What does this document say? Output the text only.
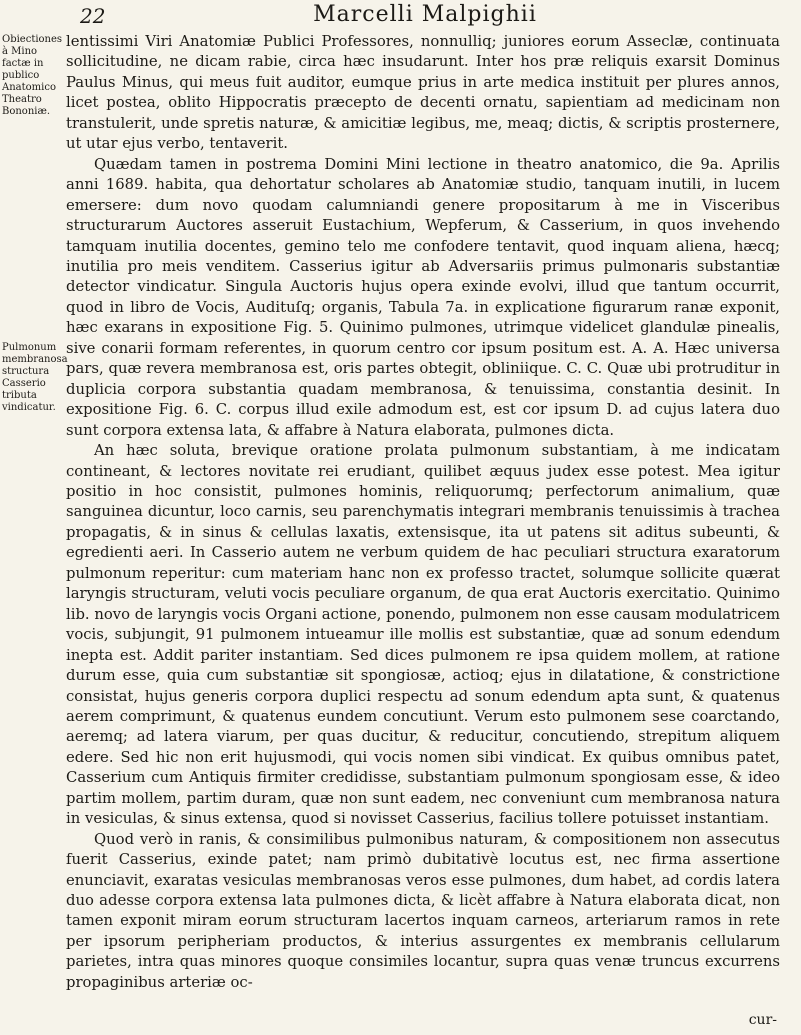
22	Marcelli Malpighii
Obiectiones à Mino factæ in publico Anatomico Theatro Bononiæ.
Pulmonum membranosa structura Casserio tributa vindicatur.

lentissimi Viri Anatomiæ Publici Professores, nonnulliq; juniores eorum Asseclæ, continuata sollicitudine, ne dicam rabie, circa hæc insudarunt. Inter hos præ reliquis exarsit Dominus Paulus Minus, qui meus fuit auditor, eumque prius in arte medica instituit per plures annos, licet postea, oblito Hippocratis præcepto de decenti ornatu, sapientiam ad medicinam non transtulerit, unde spretis naturæ, & amicitiæ legibus, me, meaq; dictis, & scriptis prosternere, ut utar ejus verbo, tentaverit.

Quædam tamen in postrema Domini Mini lectione in theatro anatomico, die 9a. Aprilis anni 1689. habita, qua dehortatur scholares ab Anatomiæ studio, tanquam inutili, in lucem emersere: dum novo quodam calumniandi genere propositarum à me in Visceribus structurarum Auctores asseruit Eustachium, Wepferum, & Casserium, in quos invehendo tamquam inutilia docentes, gemino telo me confodere tentavit, quod inquam aliena, hæcq; inutilia pro meis venditem. Casserius igitur ab Adversariis primus pulmonaris substantiæ detector vindicatur. Singula Auctoris hujus opera exinde evolvi, illud que tantum occurrit, quod in libro de Vocis, Audituſq; organis, Tabula 7a. in explicatione figurarum ranæ exponit, hæc exarans in expositione Fig. 5. Quinimo pulmones, utrimque videlicet glandulæ pinealis, sive conarii formam referentes, in quorum centro cor ipsum positum est. A. A. Hæc universa pars, quæ revera membranosa est, oris partes obtegit, obliniique. C. C. Quæ ubi protruditur in duplicia corpora substantia quadam membranosa, & tenuissima, constantia desinit. In expositione Fig. 6. C. corpus illud exile admodum est, est cor ipsum D. ad cujus latera duo sunt corpora extensa lata, & affabre à Natura elaborata, pulmones dicta.

An hæc soluta, brevique oratione prolata pulmonum substantiam, à me indicatam contineant, & lectores novitate rei erudiant, quilibet æquus judex esse potest. Mea igitur positio in hoc consistit, pulmones hominis, reliquorumq; perfectorum animalium, quæ sanguinea dicuntur, loco carnis, seu parenchymatis integrari membranis tenuissimis à trachea propagatis, & in sinus & cellulas laxatis, extensisque, ita ut patens sit aditus subeunti, & egredienti aeri. In Casserio autem ne verbum quidem de hac peculiari structura exaratorum pulmonum reperitur: cum materiam hanc non ex professo tractet, solumque sollicite quærat laryngis structuram, veluti vocis peculiare organum, de qua erat Auctoris exercitatio. Quinimo lib. novo de laryngis vocis Organi actione, ponendo, pulmonem non esse causam modulatricem vocis, subjungit, 91 pulmonem intueamur ille mollis est substantiæ, quæ ad sonum edendum inepta est. Addit pariter instantiam. Sed dices pulmonem re ipsa quidem mollem, at ratione durum esse, quia cum substantiæ sit spongiosæ, actioq; ejus in dilatatione, & constrictione consistat, hujus generis corpora duplici respectu ad sonum edendum apta sunt, & quatenus aerem comprimunt, & quatenus eundem concutiunt. Verum esto pulmonem sese coarctando, aeremq; ad latera viarum, per quas ducitur, & reducitur, concutiendo, strepitum aliquem edere. Sed hic non erit hujusmodi, qui vocis nomen sibi vindicat. Ex quibus omnibus patet, Casserium cum Antiquis firmiter credidisse, substantiam pulmonum spongiosam esse, & ideo partim mollem, partim duram, quæ non sunt eadem, nec conveniunt cum membranosa natura in vesiculas, & sinus extensa, quod si novisset Casserius, facilius tollere potuisset instantiam.

Quod verò in ranis, & consimilibus pulmonibus naturam, & compositionem non assecutus fuerit Casserius, exinde patet; nam primò dubitativè locutus est, nec firma assertione enunciavit, exaratas vesiculas membranosas veros esse pulmones, dum habet, ad cordis latera duo adesse corpora extensa lata pulmones dicta, & licèt affabre à Natura elaborata dicat, non tamen exponit miram eorum structuram lacertos inquam carneos, arteriarum ramos in rete per ipsorum peripheriam productos, & interius assurgentes ex membranis cellularum parietes, intra quas minores quoque consimiles locantur, supra quas venæ truncus excurrens propaginibus arteriæ oc-

cur-
